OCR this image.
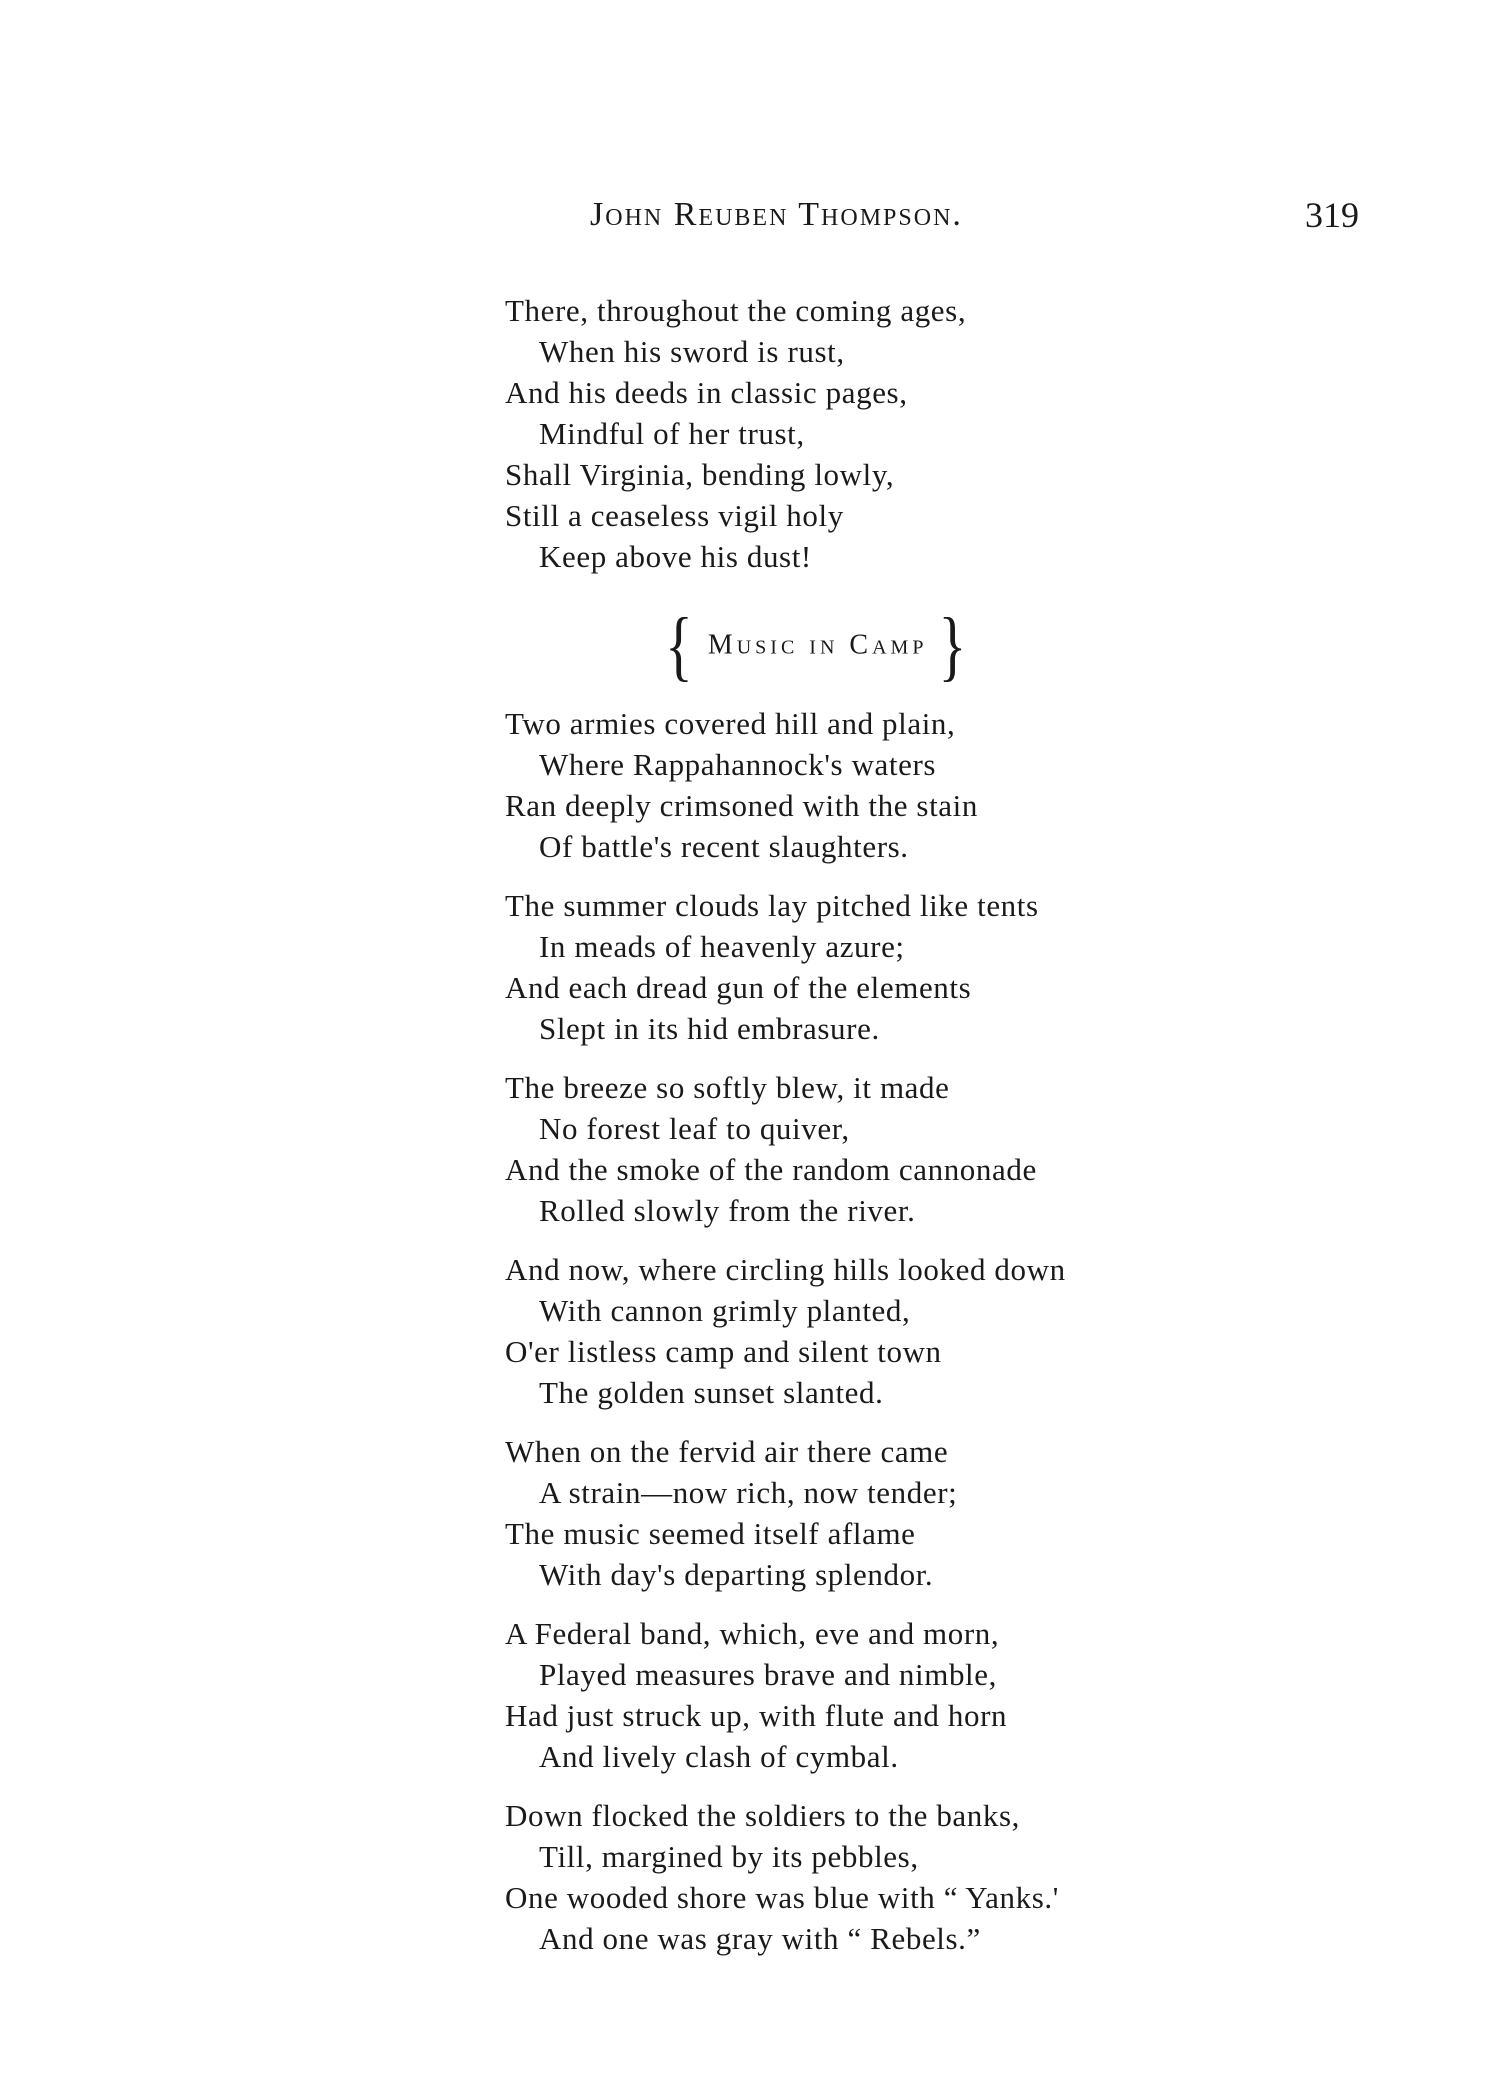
John Reuben Thompson.	319
There, throughout the coming ages,
When his sword is rust,
And his deeds in classic pages,
Mindful of her trust,
Shall Virginia, bending lowly,
Still a ceaseless vigil holy
Keep above his dust!
{ Music in Camp }
Two armies covered hill and plain,
Where Rappahannock's waters
Ran deeply crimsoned with the stain
Of battle's recent slaughters.
The summer clouds lay pitched like tents
In meads of heavenly azure;
And each dread gun of the elements
Slept in its hid embrasure.
The breeze so softly blew, it made
No forest leaf to quiver,
And the smoke of the random cannonade
Rolled slowly from the river.
And now, where circling hills looked down
With cannon grimly planted,
O'er listless camp and silent town
The golden sunset slanted.
When on the fervid air there came
A strain—now rich, now tender;
The music seemed itself aflame
With day's departing splendor.
A Federal band, which, eve and morn,
Played measures brave and nimble,
Had just struck up, with flute and horn
And lively clash of cymbal.
Down flocked the soldiers to the banks,
Till, margined by its pebbles,
One wooded shore was blue with “ Yanks.'
And one was gray with “ Rebels.”
